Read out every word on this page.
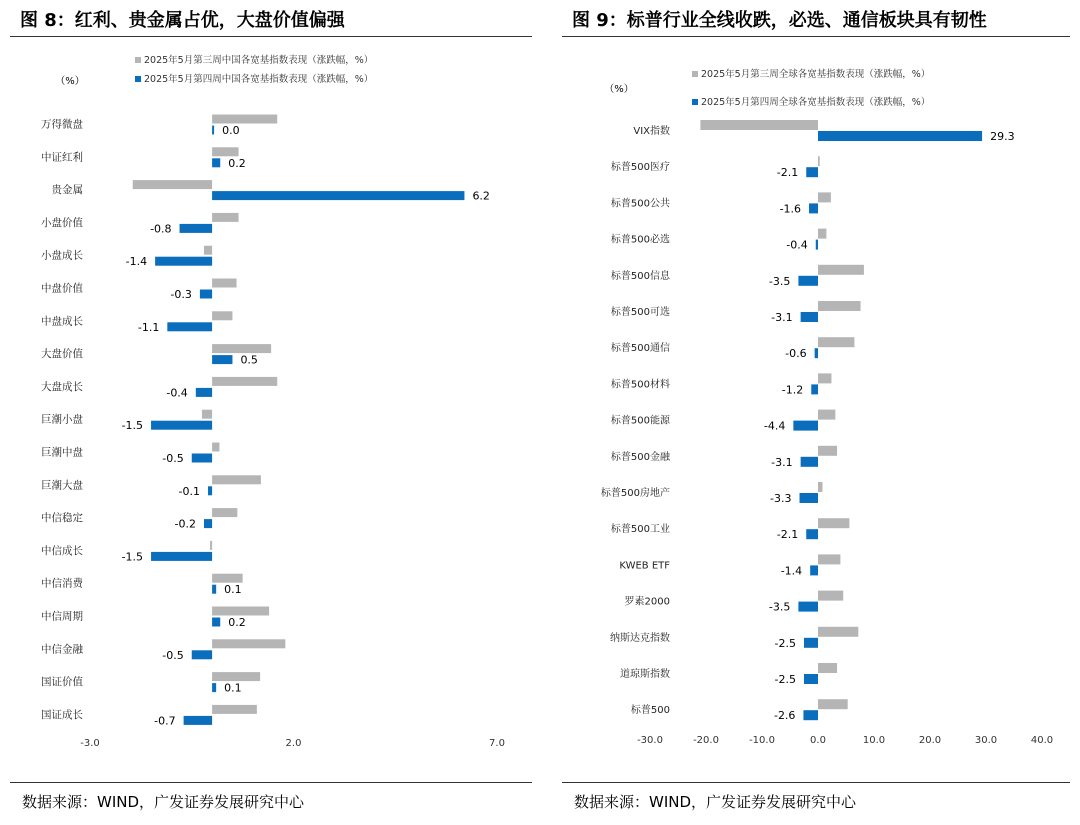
图 8：红利、贵金属占优，大盘价值偏强
数据来源：WIND，广发证券发展研究中心
图 9：标普行业全线收跌，必选、通信板块具有韧性
数据来源：WIND，广发证券发展研究中心
（%）
2025年5月第三周中国各宽基指数表现（涨跌幅，%）
2025年5月第四周中国各宽基指数表现（涨跌幅，%）
万得微盘	0.0
中证红利	0.2
贵金属	6.2
小盘价值	-0.8
小盘成长	-1.4
中盘价值	-0.3
中盘成长	-1.1
大盘价值	0.5
大盘成长	-0.4
巨潮小盘	-1.5
巨潮中盘	-0.5
巨潮大盘	-0.1
中信稳定	-0.2
中信成长	-1.5
中信消费	0.1
中信周期	0.2
中信金融	-0.5
国证价值	0.1
国证成长	-0.7
-3.0	2.0	7.0
（%）
2025年5月第三周全球各宽基指数表现（涨跌幅，%）
2025年5月第四周全球各宽基指数表现（涨跌幅，%）
VIX指数	29.3
标普500医疗	-2.1
标普500公共	-1.6
标普500必选	-0.4
标普500信息	-3.5
标普500可选	-3.1
标普500通信	-0.6
标普500材料	-1.2
标普500能源	-4.4
标普500金融	-3.1
标普500房地产	-3.3
标普500工业	-2.1
KWEB ETF	-1.4
罗素2000	-3.5
纳斯达克指数	-2.5
道琼斯指数	-2.5
标普500	-2.6
-30.0	-20.0	-10.0	0.0	10.0	20.0	30.0	40.0
